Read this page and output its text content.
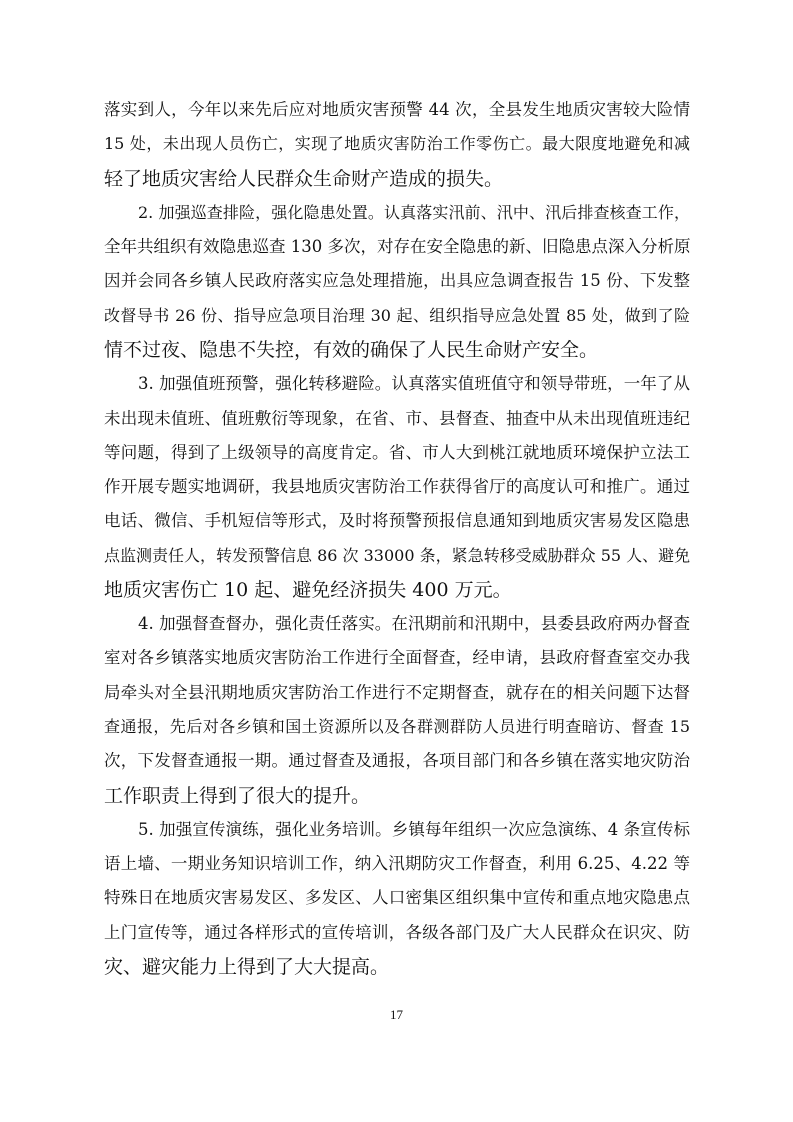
落实到人，今年以来先后应对地质灾害预警 44 次，全县发生地质灾害较大险情
15 处，未出现人员伤亡，实现了地质灾害防治工作零伤亡。最大限度地避免和减
轻了地质灾害给人民群众生命财产造成的损失。
2. 加强巡查排险，强化隐患处置。认真落实汛前、汛中、汛后排查核查工作，
全年共组织有效隐患巡查 130 多次，对存在安全隐患的新、旧隐患点深入分析原
因并会同各乡镇人民政府落实应急处理措施，出具应急调查报告 15 份、下发整
改督导书 26 份、指导应急项目治理 30 起、组织指导应急处置 85 处，做到了险
情不过夜、隐患不失控，有效的确保了人民生命财产安全。
3. 加强值班预警，强化转移避险。认真落实值班值守和领导带班，一年了从
未出现未值班、值班敷衍等现象，在省、市、县督查、抽查中从未出现值班违纪
等问题，得到了上级领导的高度肯定。省、市人大到桃江就地质环境保护立法工
作开展专题实地调研，我县地质灾害防治工作获得省厅的高度认可和推广。通过
电话、微信、手机短信等形式，及时将预警预报信息通知到地质灾害易发区隐患
点监测责任人，转发预警信息 86 次 33000 条，紧急转移受威胁群众 55 人、避免
地质灾害伤亡 10 起、避免经济损失 400 万元。
4. 加强督查督办，强化责任落实。在汛期前和汛期中，县委县政府两办督查
室对各乡镇落实地质灾害防治工作进行全面督查，经申请，县政府督查室交办我
局牵头对全县汛期地质灾害防治工作进行不定期督查，就存在的相关问题下达督
查通报，先后对各乡镇和国土资源所以及各群测群防人员进行明查暗访、督查 15
次，下发督查通报一期。通过督查及通报，各项目部门和各乡镇在落实地灾防治
工作职责上得到了很大的提升。
5. 加强宣传演练，强化业务培训。乡镇每年组织一次应急演练、4 条宣传标
语上墙、一期业务知识培训工作，纳入汛期防灾工作督查，利用 6.25、4.22 等
特殊日在地质灾害易发区、多发区、人口密集区组织集中宣传和重点地灾隐患点
上门宣传等，通过各样形式的宣传培训，各级各部门及广大人民群众在识灾、防
灾、避灾能力上得到了大大提高。
17
